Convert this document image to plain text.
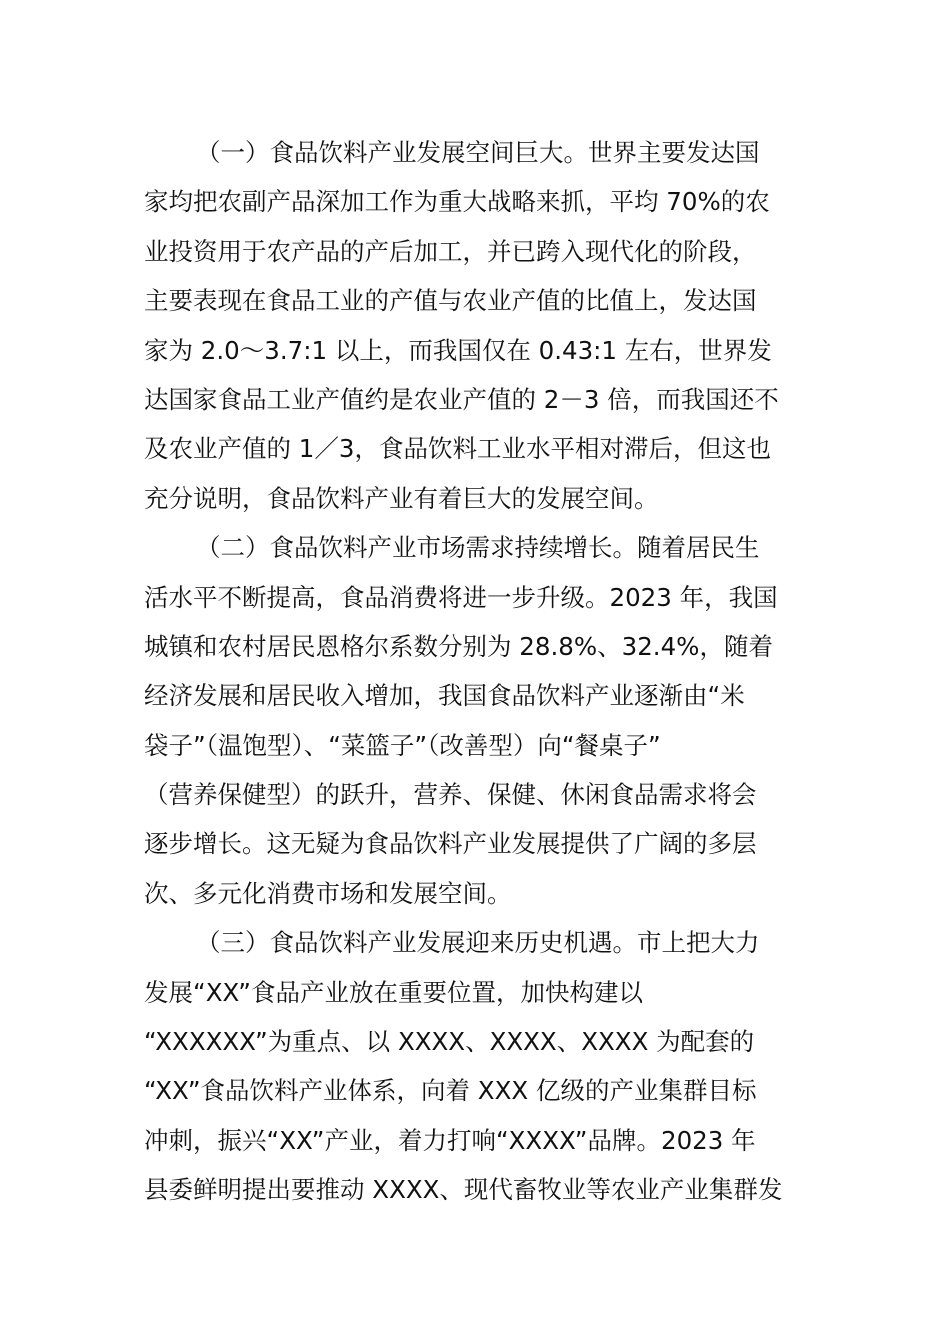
（一）食品饮料产业发展空间巨大。世界主要发达国
家均把农副产品深加工作为重大战略来抓，平均 70%的农
业投资用于农产品的产后加工，并已跨入现代化的阶段，
主要表现在食品工业的产值与农业产值的比值上，发达国
家为 2.0～3.7:1 以上，而我国仅在 0.43:1 左右，世界发
达国家食品工业产值约是农业产值的 2－3 倍，而我国还不
及农业产值的 1／3，食品饮料工业水平相对滞后，但这也
充分说明，食品饮料产业有着巨大的发展空间。
（二）食品饮料产业市场需求持续增长。随着居民生
活水平不断提高，食品消费将进一步升级。2023 年，我国
城镇和农村居民恩格尔系数分别为 28.8%、32.4%，随着
经济发展和居民收入增加，我国食品饮料产业逐渐由“米
袋子”（温饱型）、“菜篮子”（改善型）向“餐桌子”
（营养保健型）的跃升，营养、保健、休闲食品需求将会
逐步增长。这无疑为食品饮料产业发展提供了广阔的多层
次、多元化消费市场和发展空间。
（三）食品饮料产业发展迎来历史机遇。市上把大力
发展“XX”食品产业放在重要位置，加快构建以
“XXXXXX”为重点、以 XXXX、XXXX、XXXX 为配套的
“XX”食品饮料产业体系，向着 XXX 亿级的产业集群目标
冲刺，振兴“XX”产业，着力打响“XXXX”品牌。2023 年
县委鲜明提出要推动 XXXX、现代畜牧业等农业产业集群发
